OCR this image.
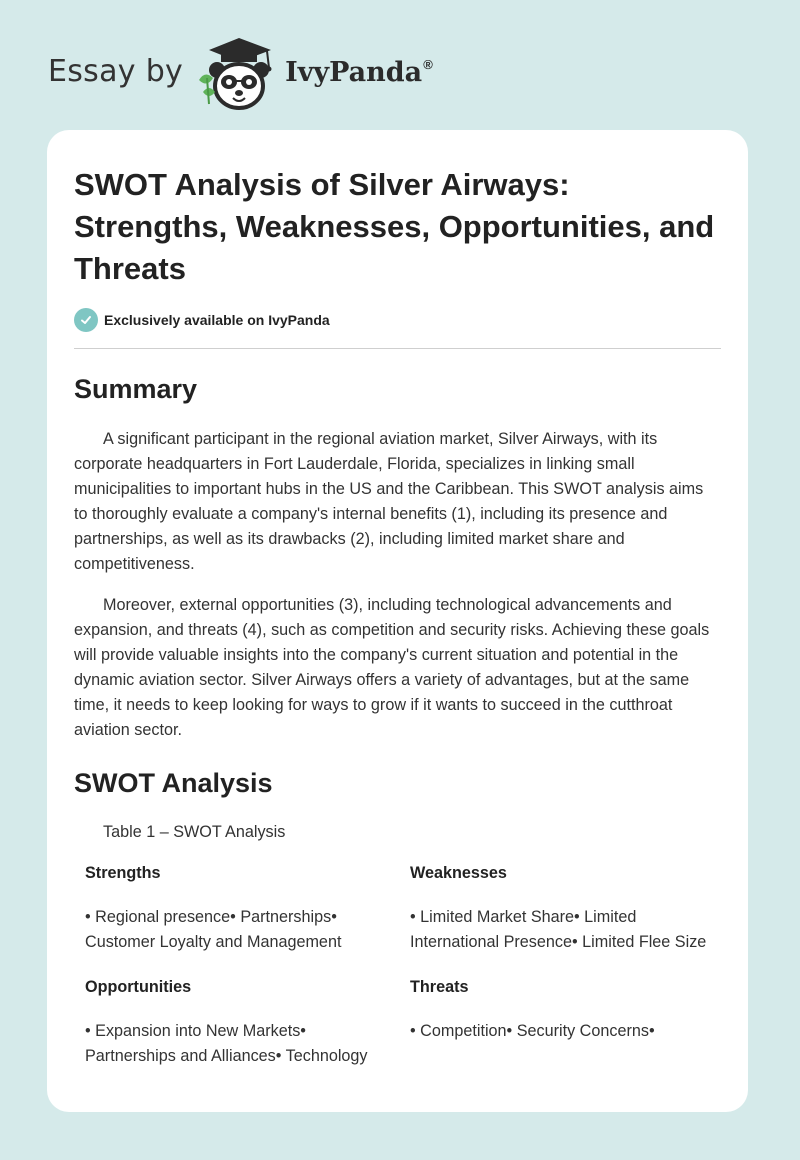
Essay by	IvyPanda®
SWOT Analysis of Silver Airways: Strengths, Weaknesses, Opportunities, and Threats
Exclusively available on IvyPanda
Summary

A significant participant in the regional aviation market, Silver Airways, with its corporate headquarters in Fort Lauderdale, Florida, specializes in linking small municipalities to important hubs in the US and the Caribbean. This SWOT analysis aims to thoroughly evaluate a company's internal benefits (1), including its presence and partnerships, as well as its drawbacks (2), including limited market share and competitiveness.

Moreover, external opportunities (3), including technological advancements and expansion, and threats (4), such as competition and security risks. Achieving these goals will provide valuable insights into the company's current situation and potential in the dynamic aviation sector. Silver Airways offers a variety of advantages, but at the same time, it needs to keep looking for ways to grow if it wants to succeed in the cutthroat aviation sector.

SWOT Analysis
Table 1 – SWOT Analysis
Strengths
• Regional presence• Partnerships• Customer Loyalty and Management
Weaknesses
• Limited Market Share• Limited International Presence• Limited Flee Size
Opportunities
• Expansion into New Markets• Partnerships and Alliances• Technology
Threats
• Competition• Security Concerns•
